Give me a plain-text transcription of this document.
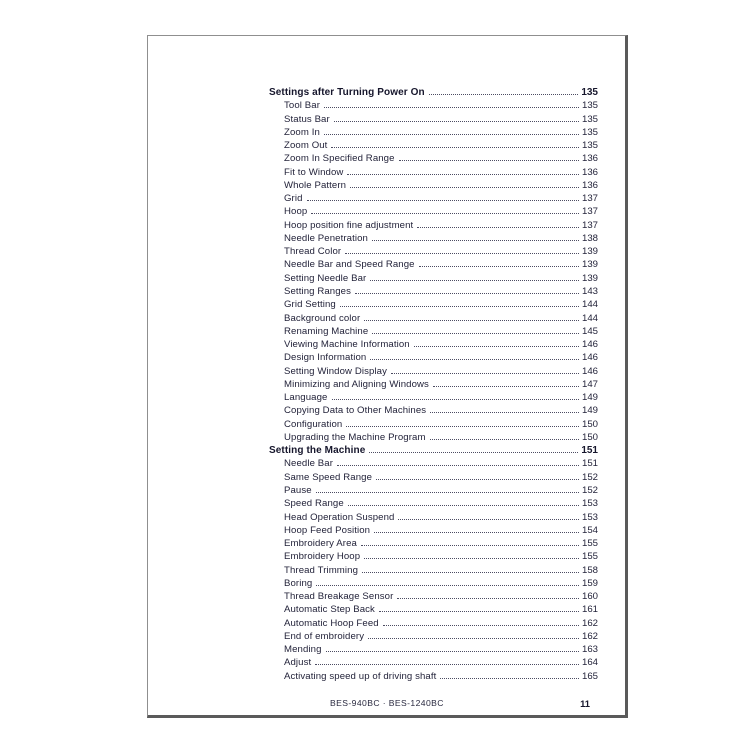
Settings after Turning Power On	135
Tool Bar	135
Status Bar	135
Zoom In	135
Zoom Out	135
Zoom In Specified Range	136
Fit to Window	136
Whole Pattern	136
Grid	137
Hoop	137
Hoop position fine adjustment	137
Needle Penetration	138
Thread Color	139
Needle Bar and Speed Range	139
Setting Needle Bar	139
Setting Ranges	143
Grid Setting	144
Background color	144
Renaming Machine	145
Viewing Machine Information	146
Design Information	146
Setting Window Display	146
Minimizing and Aligning Windows	147
Language	149
Copying Data to Other Machines	149
Configuration	150
Upgrading the Machine Program	150
Setting the Machine	151
Needle Bar	151
Same Speed Range	152
Pause	152
Speed Range	153
Head Operation Suspend	153
Hoop Feed Position	154
Embroidery Area	155
Embroidery Hoop	155
Thread Trimming	158
Boring	159
Thread Breakage Sensor	160
Automatic Step Back	161
Automatic Hoop Feed	162
End of embroidery	162
Mending	163
Adjust	164
Activating speed up of driving shaft	165
BES-940BC · BES-1240BC	11
